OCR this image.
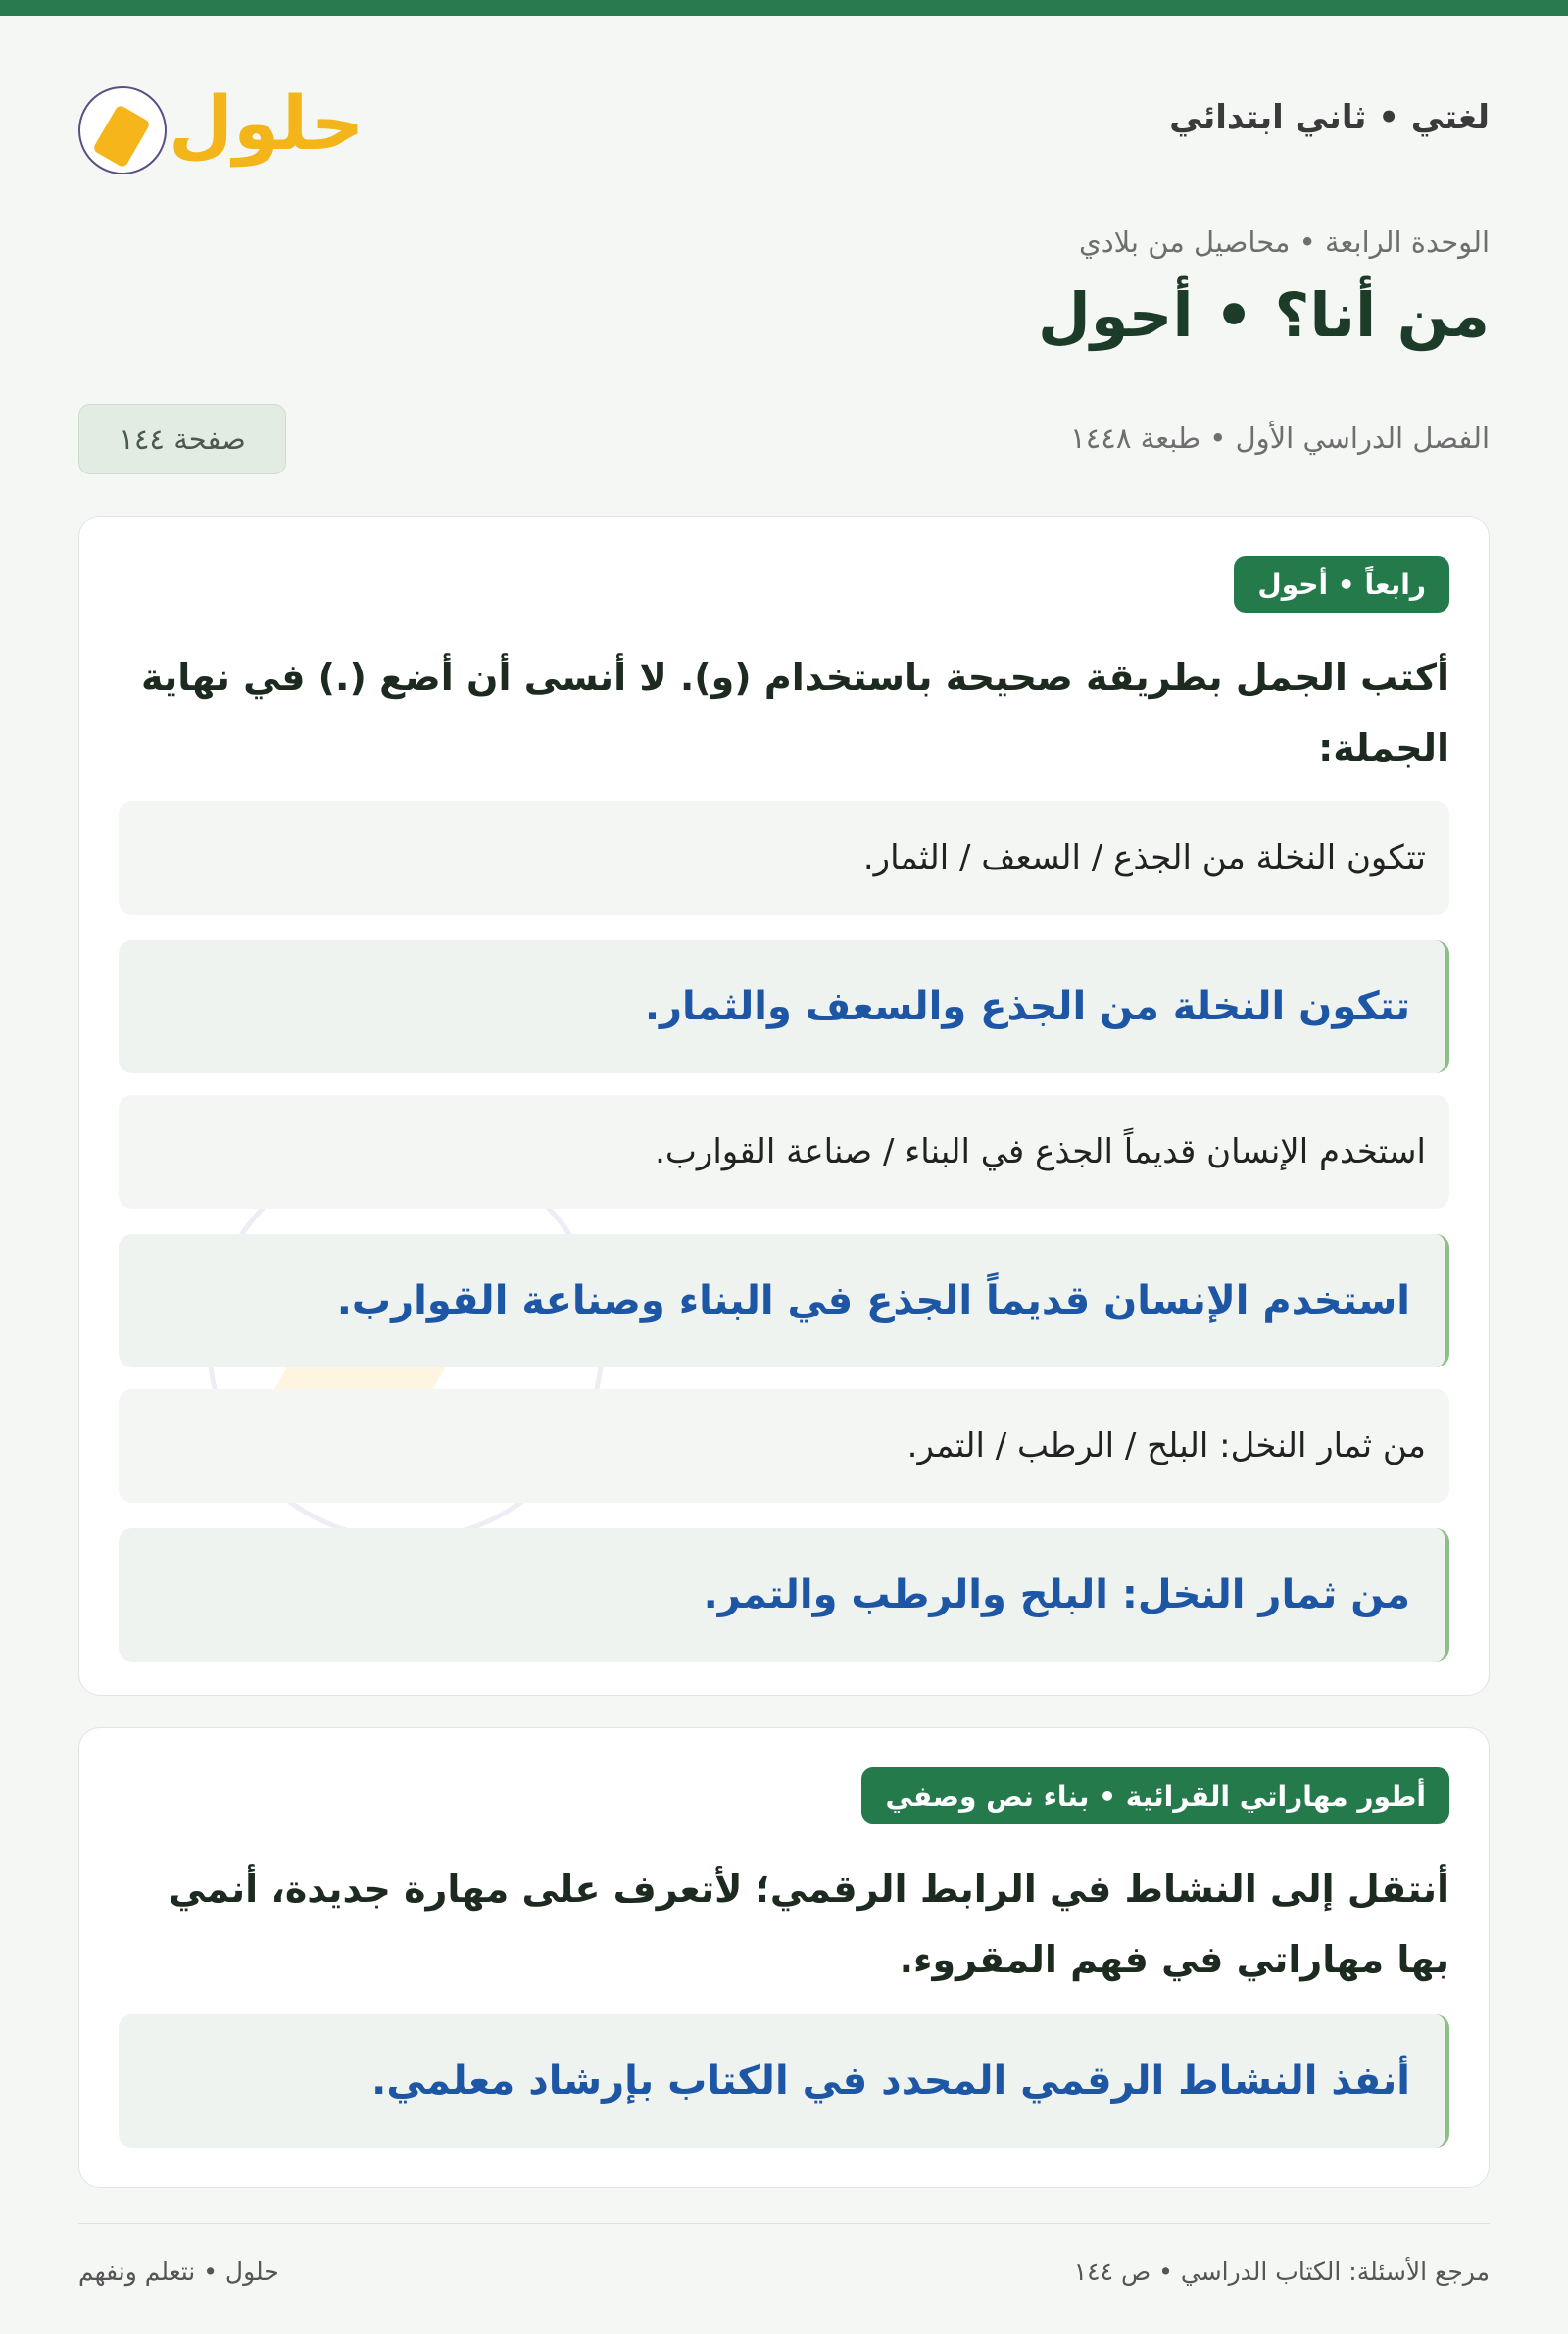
حلول	لغتي • ثاني ابتدائي
الوحدة الرابعة • محاصيل من بلادي
من أنا؟ • أحول
الفصل الدراسي الأول • طبعة ١٤٤٨
صفحة ١٤٤
رابعاً • أحول
أكتب الجمل بطريقة صحيحة باستخدام (و). لا أنسى أن أضع (.) في نهاية الجملة:
تتكون النخلة من الجذع / السعف / الثمار.
تتكون النخلة من الجذع والسعف والثمار.
استخدم الإنسان قديماً الجذع في البناء / صناعة القوارب.
استخدم الإنسان قديماً الجذع في البناء وصناعة القوارب.
من ثمار النخل: البلح / الرطب / التمر.
من ثمار النخل: البلح والرطب والتمر.
أطور مهاراتي القرائية • بناء نص وصفي
أنتقل إلى النشاط في الرابط الرقمي؛ لأتعرف على مهارة جديدة، أنمي بها مهاراتي في فهم المقروء.
أنفذ النشاط الرقمي المحدد في الكتاب بإرشاد معلمي.
مرجع الأسئلة: الكتاب الدراسي • ص ١٤٤
حلول • نتعلم ونفهم
